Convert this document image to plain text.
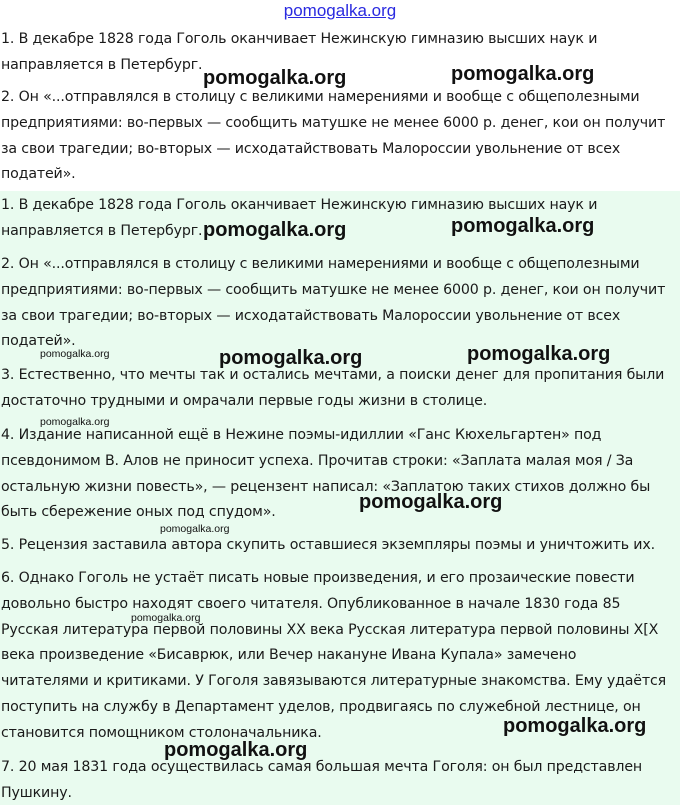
pomogalka.org

1. В декабре 1828 года Гоголь оканчивает Нежинскую гимназию высших наук и
направляется в Петербург.

2. Он «...отправлялся в столицу с великими намерениями и вообще с общеполезными
предприятиями: во-первых — сообщить матушке не менее 6000 р. денег, кои он получит
за свои трагедии; во-вторых — исходатайствовать Малороссии увольнение от всех
податей».

1. В декабре 1828 года Гоголь оканчивает Нежинскую гимназию высших наук и
направляется в Петербург.

2. Он «...отправлялся в столицу с великими намерениями и вообще с общеполезными
предприятиями: во-первых — сообщить матушке не менее 6000 р. денег, кои он получит
за свои трагедии; во-вторых — исходатайствовать Малороссии увольнение от всех
податей».

3. Естественно, что мечты так и остались мечтами, а поиски денег для пропитания были
достаточно трудными и омрачали первые годы жизни в столице.

4. Издание написанной ещё в Нежине поэмы-идиллии «Ганс Кюхельгартен» под
псевдонимом В. Алов не приносит успеха. Прочитав строки: «Заплата малая моя / За
остальную жизни повесть», — рецензент написал: «Заплатою таких стихов должно бы
быть сбережение оных под спудом».

5. Рецензия заставила автора скупить оставшиеся экземпляры поэмы и уничтожить их.

6. Однако Гоголь не устаёт писать новые произведения, и его прозаические повести
довольно быстро находят своего читателя. Опубликованное в начале 1830 года 85
Русская литература первой половины XX века Русская литература первой половины X[X
века произведение «Бисаврюк, или Вечер накануне Ивана Купала» замечено
читателями и критиками. У Гоголя завязываются литературные знакомства. Ему удаётся
поступить на службу в Департамент уделов, продвигаясь по служебной лестнице, он
становится помощником столоначальника.

7. 20 мая 1831 года осуществилась самая большая мечта Гоголя: он был представлен
Пушкину.

pomogalka.org	pomogalka.org
pomogalka.org	pomogalka.org
pomogalka.org	pomogalka.org	pomogalka.org
pomogalka.org
pomogalka.org
pomogalka.org
pomogalka.org
pomogalka.org
pomogalka.org
